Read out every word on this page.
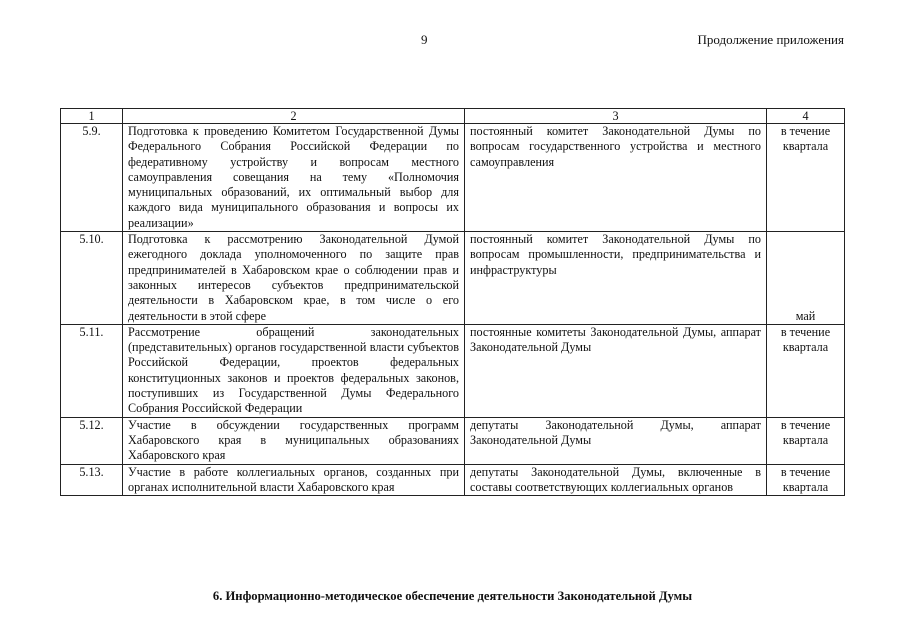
9	Продолжение приложения
1	2	3	4
5.9.	Подготовка к проведению Комитетом Государственной Думы Федерального Собрания Российской Федерации по федеративному устройству и вопросам местного самоуправления совещания на тему «Полномочия муниципальных образований, их оптимальный выбор для каждого вида муниципального образования и вопросы их реализации»	постоянный комитет Законодательной Думы по вопросам государственного устройства и местного самоуправления	в течение квартала
5.10.	Подготовка к рассмотрению Законодательной Думой ежегодного доклада уполномоченного по защите прав предпринимателей в Хабаровском крае о соблюдении прав и законных интересов субъектов предпринимательской деятельности в Хабаровском крае, в том числе о его деятельности в этой сфере	постоянный комитет Законодательной Думы по вопросам промышленности, предпринимательства и инфраструктуры	май
5.11.	Рассмотрение обращений законодательных (представительных) органов государственной власти субъектов Российской Федерации, проектов федеральных конституционных законов и проектов федеральных законов, поступивших из Государственной Думы Федерального Собрания Российской Федерации	постоянные комитеты Законодательной Думы, аппарат Законодательной Думы	в течение квартала
5.12.	Участие в обсуждении государственных программ Хабаровского края в муниципальных образованиях Хабаровского края	депутаты Законодательной Думы, аппарат Законодательной Думы	в течение квартала
5.13.	Участие в работе коллегиальных органов, созданных при органах исполнительной власти Хабаровского края	депутаты Законодательной Думы, включенные в составы соответствующих коллегиальных органов	в течение квартала
6. Информационно-методическое обеспечение деятельности Законодательной Думы
